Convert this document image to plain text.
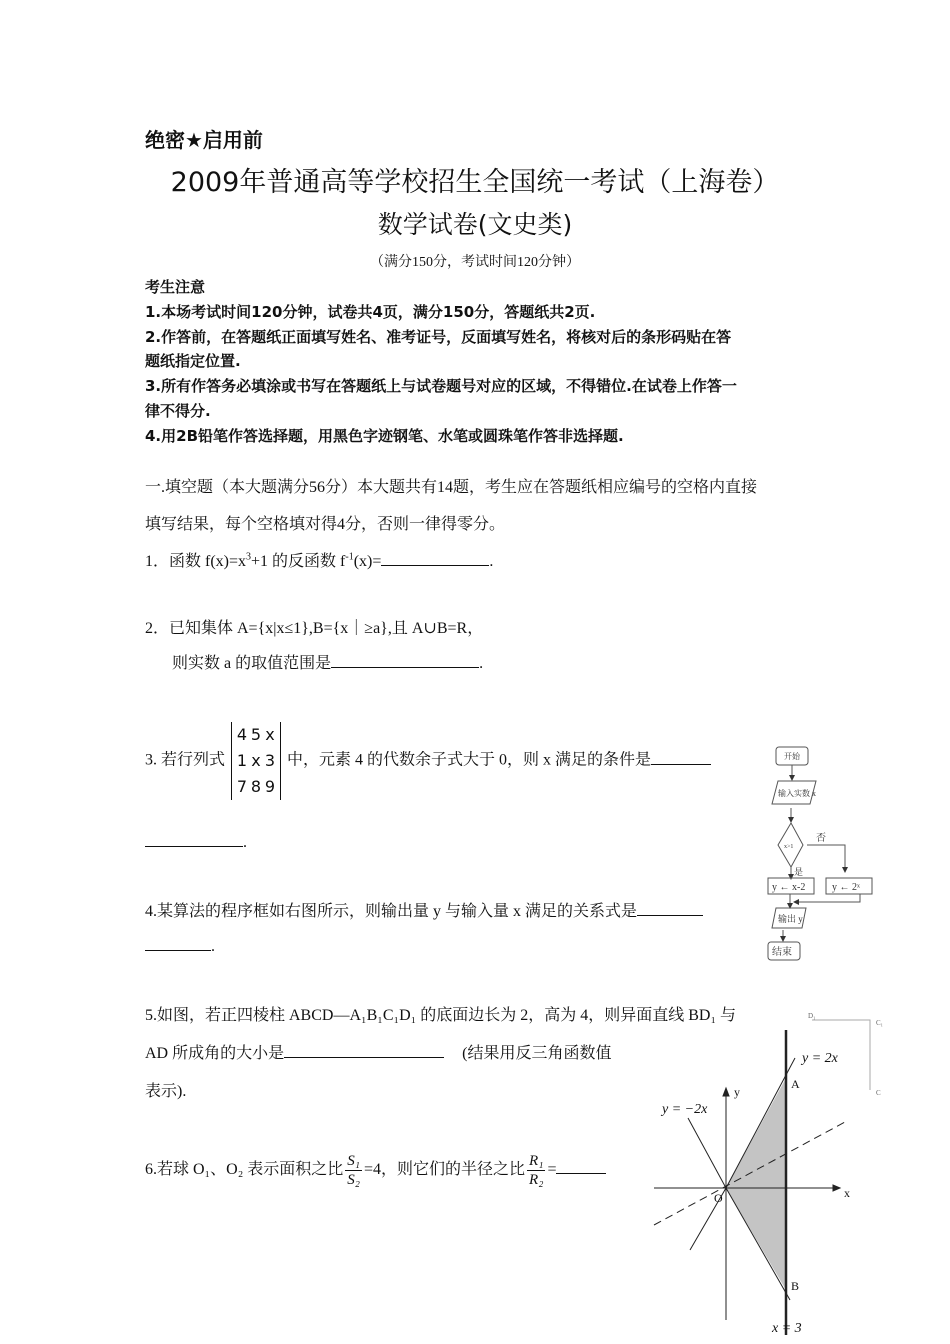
绝密★启用前
2009年普通高等学校招生全国统一考试（上海卷）
数学试卷(文史类)
（满分150分，考试时间120分钟）
考生注意
1.本场考试时间120分钟，试卷共4页，满分150分，答题纸共2页.
2.作答前，在答题纸正面填写姓名、准考证号，反面填写姓名，将核对后的条形码贴在答
题纸指定位置.
3.所有作答务必填涂或书写在答题纸上与试卷题号对应的区域，不得错位.在试卷上作答一
律不得分.
4.用2B铅笔作答选择题，用黑色字迹钢笔、水笔或圆珠笔作答非选择题.
一.填空题（本大题满分56分）本大题共有14题，考生应在答题纸相应编号的空格内直接
填写结果，每个空格填对得4分，否则一律得零分。
1．函数 $f(x)=x^3+1$ 的反函数 $f^{-1}(x)=$	.
2．已知集体 A={x|x≤1},B={x｜≥a},且 A∪B=R，
则实数 a 的取值范围是	.
3. 若行列式4 5 x
1 x 3
7 8 9中，元素 4 的代数余子式大于 0，则 x 满足的条件是
.
4.某算法的程序框如右图所示，则输出量 y 与输入量 x 满足的关系式是
.
5.如图，若正四棱柱 ABCD—A₁B₁C₁D₁ 的底面边长为 2，高为 4，则异面直线 BD₁ 与
AD 所成角的大小是	(结果用反三角函数值
表示).
6.若球 O₁、O₂ 表示面积之比 $\frac{\text{S₁}}{\text{S₂}} =4$，则它们的半径之比 $\frac{\text{R₁}}{\text{R₂}}$ =
开始
输入实数 x
x>1
否
是
y ← x-2	y ← 2ˣ
输出 y
结束
y = 2x
y = −2x
x = 3
x
y
O
A
B
D₁
C₁
C
